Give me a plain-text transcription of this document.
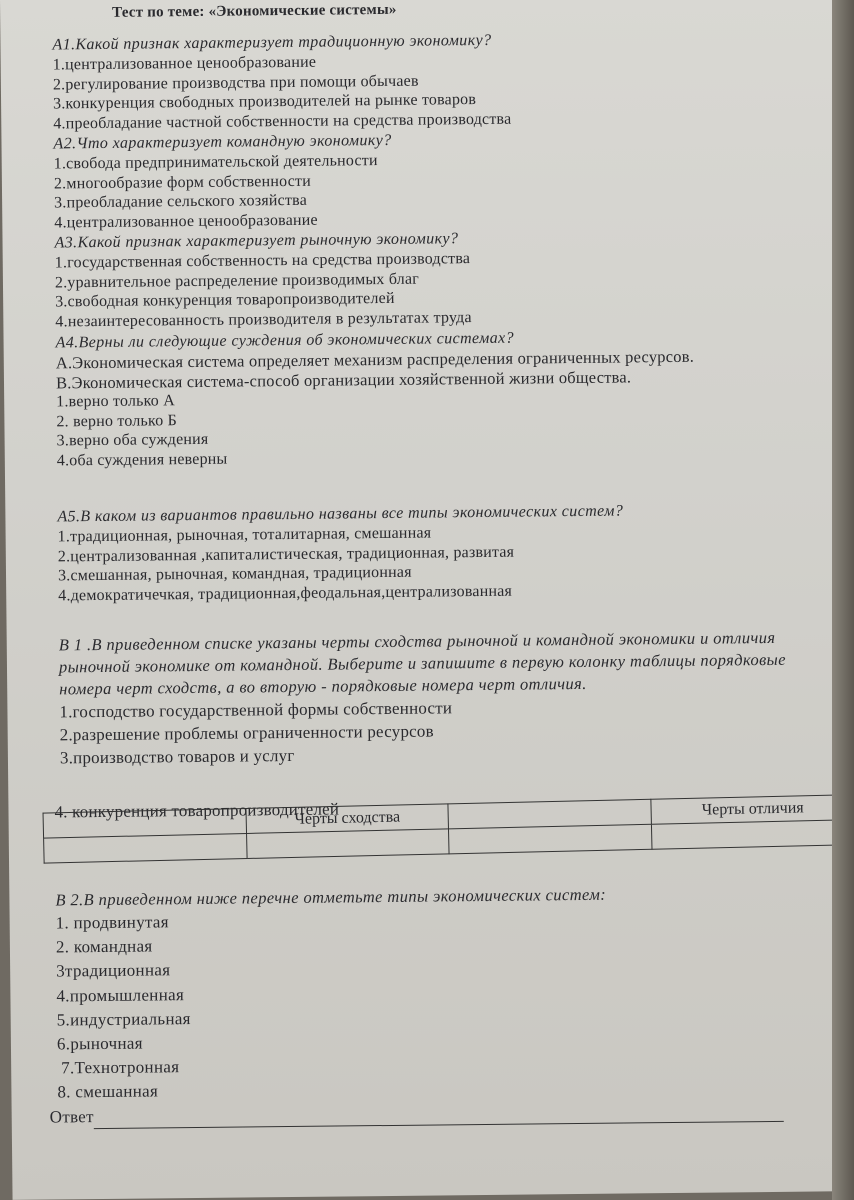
Тест по теме: «Экономические системы»

А1.Какой признак характеризует традиционную экономику?

1.централизованное ценообразование

2.регулирование производства при помощи обычаев

3.конкуренция свободных производителей на рынке товаров

4.преобладание частной собственности на средства производства

А2.Что характеризует командную экономику?

1.свобода предпринимательской деятельности

2.многообразие форм собственности

3.преобладание сельского хозяйства

4.централизованное ценообразование

А3.Какой признак характеризует рыночную экономику?

1.государственная собственность на средства производства

2.уравнительное распределение производимых благ

3.свободная конкуренция товаропроизводителей

4.незаинтересованность производителя в результатах труда

А4.Верны ли следующие суждения об экономических системах?

А.Экономическая система определяет механизм распределения ограниченных ресурсов.

В.Экономическая система-способ организации хозяйственной жизни общества.

1.верно только А

2. верно только Б

3.верно оба суждения

4.оба суждения неверны

А5.В каком из вариантов правильно названы все типы экономических систем?

1.традиционная, рыночная, тоталитарная, смешанная

2.централизованная ,капиталистическая, традиционная, развитая

3.смешанная, рыночная, командная, традиционная

4.демократичечкая, традиционная,феодальная,централизованная

В 1 .В приведенном списке указаны черты сходства рыночной и командной экономики и отличия рыночной экономике от командной. Выберите и запишите в первую колонку таблицы порядковые номера черт сходств, а во вторую - порядковые номера черт отличия.

1.господство государственной формы собственности

2.разрешение проблемы ограниченности ресурсов

3.производство товаров и услуг

4. конкуренция товаропроизводителей

	Черты сходства		Черты отличия

В 2.В приведенном ниже перечне отметьте типы экономических систем:

1. продвинутая

2. командная

3традиционная

4.промышленная

5.индустриальная

6.рыночная

7.Технотронная

8. смешанная

Ответ
